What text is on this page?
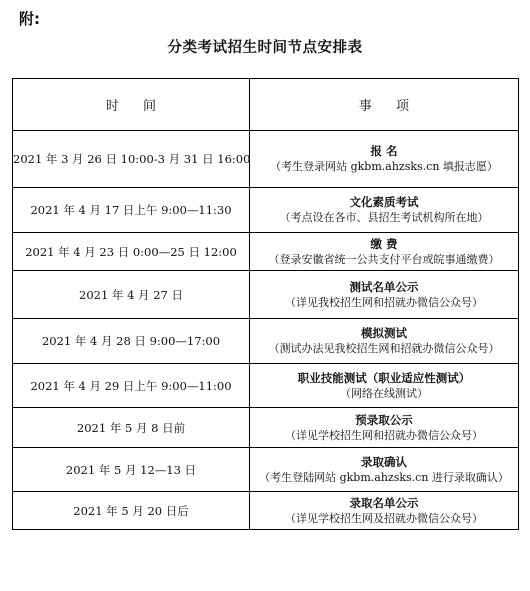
附:
分类考试招生时间节点安排表
时 间	事 项
2021 年 3 月 26 日 10:00-3 月 31 日 16:00	报 名
（考生登录网站 gkbm.ahzsks.cn 填报志愿）

2021 年 4 月 17 日上午 9:00—11:30	文化素质考试
（考点设在各市、县招生考试机构所在地）

2021 年 4 月 23 日 0:00—25 日 12:00	缴 费
（登录安徽省统一公共支付平台或皖事通缴费）

2021 年 4 月 27 日	测试名单公示
（详见我校招生网和招就办微信公众号）

2021 年 4 月 28 日 9:00—17:00	模拟测试
（测试办法见我校招生网和招就办微信公众号）

2021 年 4 月 29 日上午 9:00—11:00	职业技能测试（职业适应性测试）
（网络在线测试）

2021 年 5 月 8 日前	预录取公示
（详见学校招生网和招就办微信公众号）

2021 年 5 月 12—13 日	录取确认
（考生登陆网站 gkbm.ahzsks.cn 进行录取确认）

2021 年 5 月 20 日后	录取名单公示
（详见学校招生网及招就办微信公众号）
